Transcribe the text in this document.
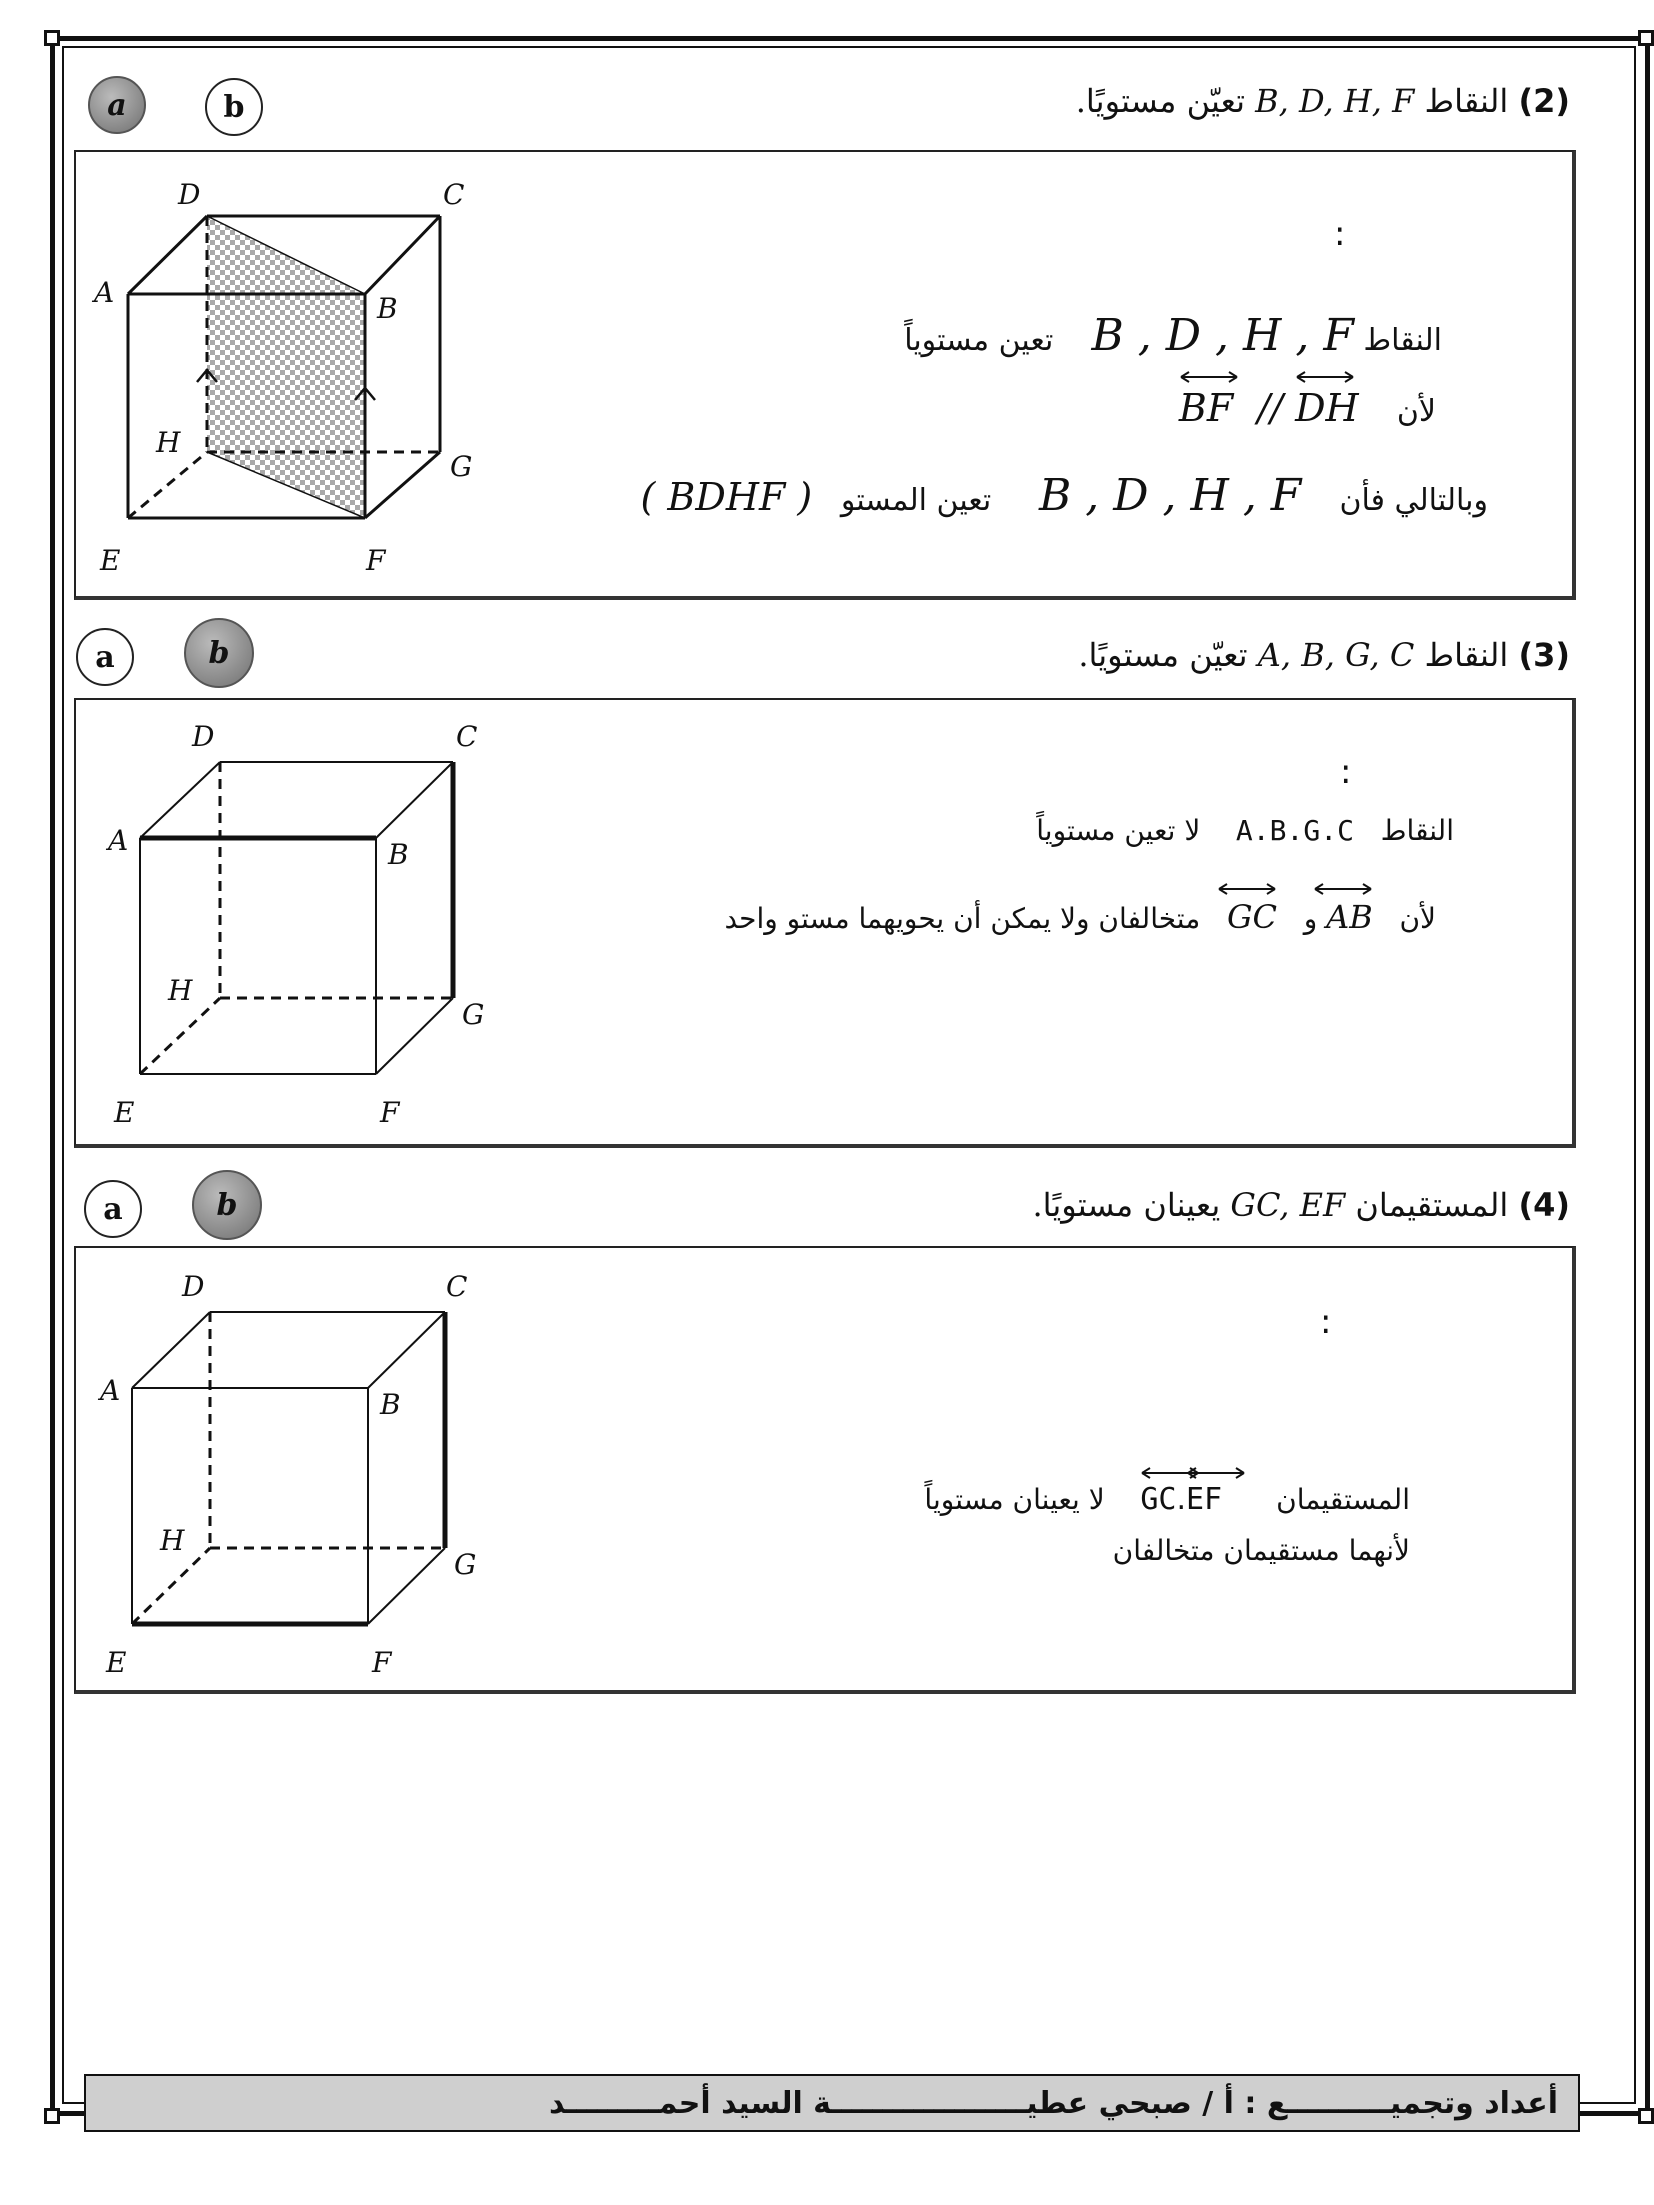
(2) النقاط B, D, H, F تعيّن مستويًا.
a	b
D	C
A	B
H
G
E	F
:
النقاط B , D , H , F    تعين مستوياً
لأن
BF // DH
وبالتالي فأن    B , D , H , F     تعين المستو   ( BDHF )
(3) النقاط A, B, G, C تعيّن مستويًا.
a	b
D	C
A	B
H
G
E	F
:
النقاط   A.B.G.C    لا تعين مستوياً
لأن
AB و
GC   متخالفان ولا يمكن أن يحويهما مستو واحد
(4) المستقيمان GC, EF يعينان مستويًا.
a	b
D	C
A	B
H
G
E	F
:
المستقيمان
GC.
EF     لا يعينان مستوياً
لأنهما مستقيمان متخالفان
أعداد وتجميــــــــــع : أ / صبحي عطيـــــــــــــــــــة السيد أحمـــــــــد
